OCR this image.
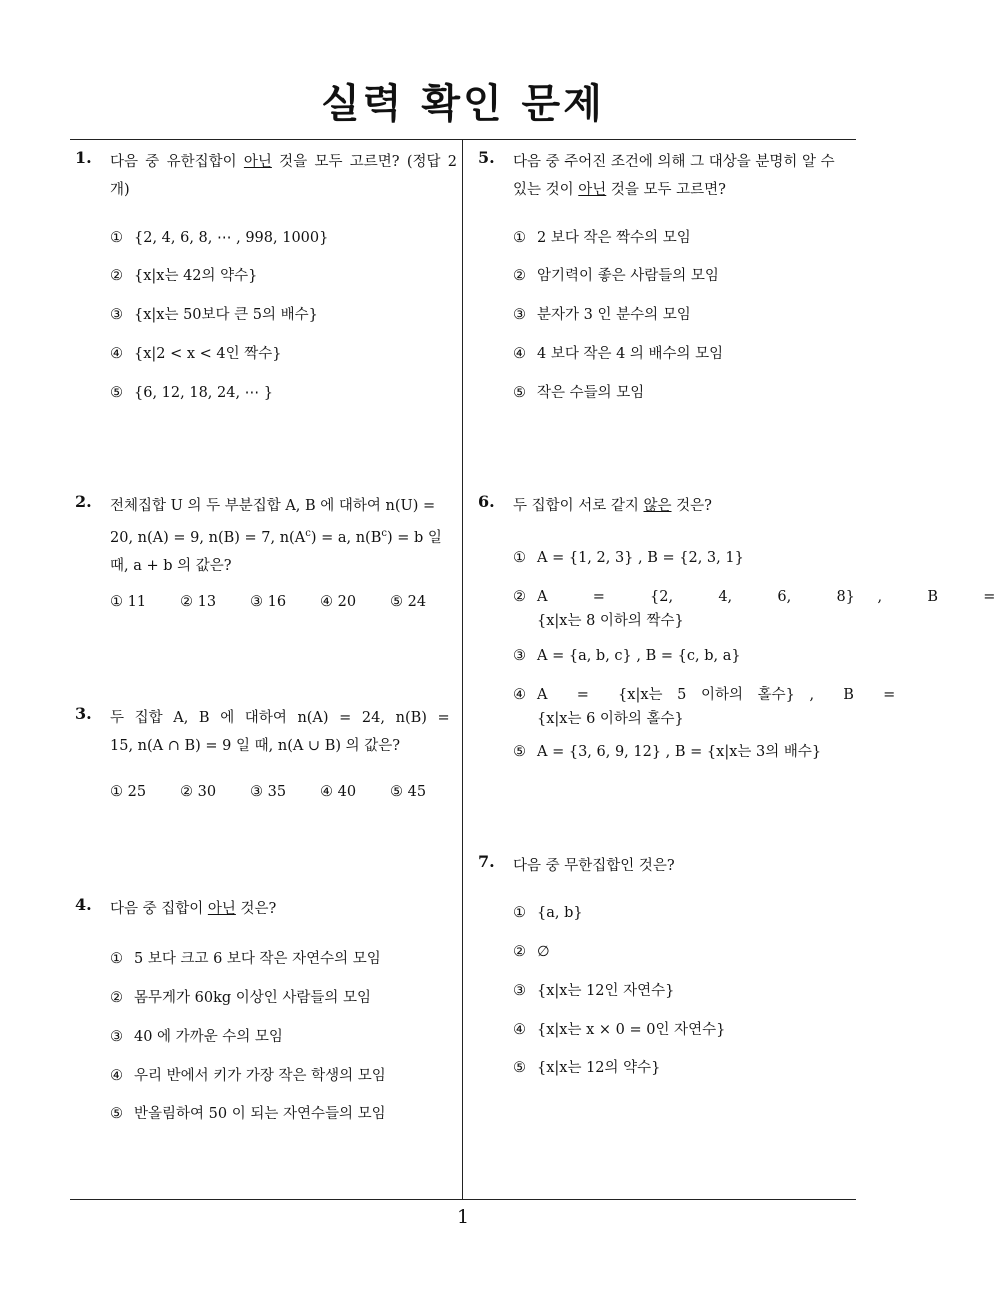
실력 확인 문제
1. 다음 중 유한집합이 아닌 것을 모두 고르면? (정답 2 개)
① {2, 4, 6, 8, ⋯ , 998, 1000}
② {x|x는 42의 약수}
③ {x|x는 50보다 큰 5의 배수}
④ {x|2 < x < 4인 짝수}
⑤ {6, 12, 18, 24, ⋯ }
2. 전체집합 U 의 두 부분집합 A, B 에 대하여 n(U) =
20, n(A) = 9, n(B) = 7, $n(A^c) = a$, $n(B^c) = b$ 일
때, a + b 의 값은?
① 11	② 13	③ 16	④ 20	⑤ 24
3. 두 집합 A, B 에 대하여 n(A) = 24, n(B) =
15, n(A ∩ B) = 9 일 때, n(A ∪ B) 의 값은?
① 25	② 30	③ 35	④ 40	⑤ 45
4. 다음 중 집합이 아닌 것은?
① 5 보다 크고 6 보다 작은 자연수의 모임
② 몸무게가 60kg 이상인 사람들의 모임
③ 40 에 가까운 수의 모임
④ 우리 반에서 키가 가장 작은 학생의 모임
⑤ 반올림하여 50 이 되는 자연수들의 모임
5. 다음 중 주어진 조건에 의해 그 대상을 분명히 알 수
있는 것이 아닌 것을 모두 고르면?
① 2 보다 작은 짝수의 모임
② 암기력이 좋은 사람들의 모임
③ 분자가 3 인 분수의 모임
④ 4 보다 작은 4 의 배수의 모임
⑤ 작은 수들의 모임
6. 두 집합이 서로 같지 않은 것은?
① A = {1, 2, 3} , B = {2, 3, 1}
② A  =  {2,  4,  6,  8} ,  B  =
{x|x는 8 이하의 짝수}
③ A = {a, b, c} , B = {c, b, a}
④ A  =  {x|x는 5 이하의 홀수} ,  B  =
{x|x는 6 이하의 홀수}
⑤ A = {3, 6, 9, 12} , B = {x|x는 3의 배수}
7. 다음 중 무한집합인 것은?
① {a, b}
② ∅
③ {x|x는 12인 자연수}
④ {x|x는 x × 0 = 0인 자연수}
⑤ {x|x는 12의 약수}
1
